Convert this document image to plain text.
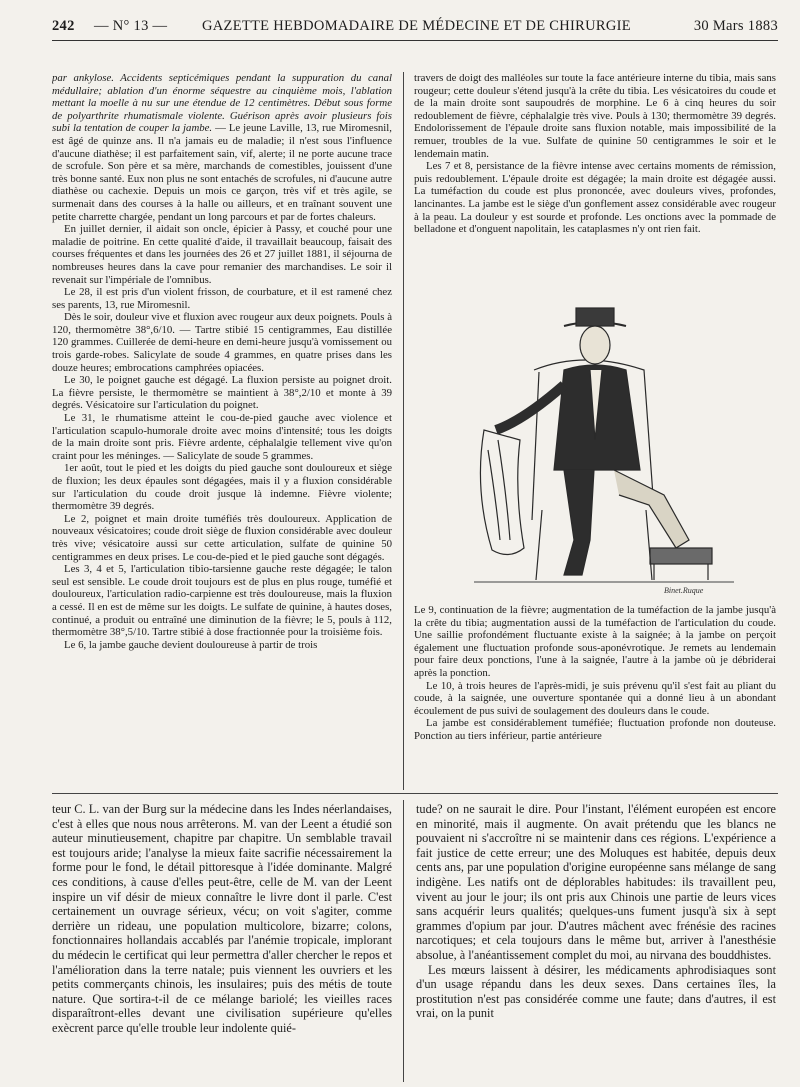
242 — N° 13 — GAZETTE HEBDOMADAIRE DE MÉDECINE ET DE CHIRURGIE	30 Mars 1883

par ankylose. Accidents septicémiques pendant la suppuration du canal médullaire; ablation d'un énorme séquestre au cinquième mois, l'ablation mettant la moelle à nu sur une étendue de 12 centimètres. Début sous forme de polyarthrite rhumatismale violente. Guérison après avoir plusieurs fois subi la tentation de couper la jambe. — Le jeune Laville, 13, rue Miromesnil, est âgé de quinze ans. Il n'a jamais eu de maladie; il n'est sous l'influence d'aucune diathèse; il est parfaitement sain, vif, alerte; il ne porte aucune trace de scrofule. Son père et sa mère, marchands de comestibles, jouissent d'une très bonne santé. Eux non plus ne sont entachés de scrofules, ni d'aucune autre diathèse ou cachexie. Depuis un mois ce garçon, très vif et très agile, se surmenait dans des courses à la halle ou ailleurs, et en traînant souvent une petite charrette chargée, pendant un long parcours et par de fortes chaleurs.

En juillet dernier, il aidait son oncle, épicier à Passy, et couché pour une maladie de poitrine. En cette qualité d'aide, il travaillait beaucoup, faisait des courses fréquentes et dans les journées des 26 et 27 juillet 1881, il séjourna de nombreuses heures dans la cave pour remanier des marchandises. Le soir il revenait sur l'impériale de l'omnibus.

Le 28, il est pris d'un violent frisson, de courbature, et il est ramené chez ses parents, 13, rue Miromesnil.

Dès le soir, douleur vive et fluxion avec rougeur aux deux poignets. Pouls à 120, thermomètre 38°,6/10. — Tartre stibié 15 centigrammes, Eau distillée 120 grammes. Cuillerée de demi-heure en demi-heure jusqu'à vomissement ou trois garde-robes. Salicylate de soude 4 grammes, en quatre prises dans les douze heures; embrocations camphrées opiacées.

Le 30, le poignet gauche est dégagé. La fluxion persiste au poignet droit. La fièvre persiste, le thermomètre se maintient à 38°,2/10 et monte à 39 degrés. Vésicatoire sur l'articulation du poignet.

Le 31, le rhumatisme atteint le cou-de-pied gauche avec violence et l'articulation scapulo-humorale droite avec moins d'intensité; tous les doigts de la main droite sont pris. Fièvre ardente, céphalalgie tellement vive qu'on craint pour les méninges. — Salicylate de soude 5 grammes.

1er août, tout le pied et les doigts du pied gauche sont douloureux et siège de fluxion; les deux épaules sont dégagées, mais il y a fluxion considérable sur l'articulation du coude droit jusque là indemne. Fièvre violente; thermomètre 39 degrés.

Le 2, poignet et main droite tuméfiés très douloureux. Application de nouveaux vésicatoires; coude droit siège de fluxion considérable avec douleur très vive; vésicatoire aussi sur cette articulation, sulfate de quinine 50 centigrammes en deux prises. Le cou-de-pied et le pied gauche sont dégagés.

Les 3, 4 et 5, l'articulation tibio-tarsienne gauche reste dégagée; le talon seul est sensible. Le coude droit toujours est de plus en plus rouge, tuméfié et douloureux, l'articulation radio-carpienne est très douloureuse, mais la fluxion a cessé. Il en est de même sur les doigts. Le sulfate de quinine, à hautes doses, continué, a produit ou entraîné une diminution de la fièvre; le 5, pouls à 112, thermomètre 38°,5/10. Tartre stibié à dose fractionnée pour la troisième fois.

Le 6, la jambe gauche devient douloureuse à partir de trois

travers de doigt des malléoles sur toute la face antérieure interne du tibia, mais sans rougeur; cette douleur s'étend jusqu'à la crête du tibia. Les vésicatoires du coude et de la main droite sont saupoudrés de morphine. Le 6 à cinq heures du soir redoublement de fièvre, céphalalgie très vive. Pouls à 130; thermomètre 39 degrés. Endolorissement de l'épaule droite sans fluxion notable, mais impossibilité de la remuer, troubles de la vue. Sulfate de quinine 50 centigrammes le soir et le lendemain matin.

Les 7 et 8, persistance de la fièvre intense avec certains moments de rémission, puis redoublement. L'épaule droite est dégagée; la main droite est dégagée aussi. La tuméfaction du coude est plus prononcée, avec douleurs vives, profondes, lancinantes. La jambe est le siège d'un gonflement assez considérable avec rougeur à la peau. La douleur y est sourde et profonde. Les onctions avec la pommade de belladone et d'onguent napolitain, les cataplasmes n'y ont rien fait.

Binet.Ruque

Le 9, continuation de la fièvre; augmentation de la tuméfaction de la jambe jusqu'à la crête du tibia; augmentation aussi de la tuméfaction de l'articulation du coude. Une saillie profondément fluctuante existe à la saignée; à la jambe on perçoit également une fluctuation profonde sous-aponévrotique. Je remets au lendemain pour faire deux ponctions, l'une à la saignée, l'autre à la jambe où je débriderai après la ponction.

Le 10, à trois heures de l'après-midi, je suis prévenu qu'il s'est fait au pliant du coude, à la saignée, une ouverture spontanée qui a donné lieu à un abondant écoulement de pus suivi de soulagement des douleurs dans le coude.

La jambe est considérablement tuméfiée; fluctuation profonde non douteuse. Ponction au tiers inférieur, partie antérieure

teur C. L. van der Burg sur la médecine dans les Indes néerlandaises, c'est à elles que nous nous arrêterons. M. van der Leent a étudié son auteur minutieusement, chapitre par chapitre. Un semblable travail est toujours aride; l'analyse la mieux faite sacrifie nécessairement la forme pour le fond, le détail pittoresque à l'idée dominante. Malgré ces conditions, à cause d'elles peut-être, celle de M. van der Leent inspire un vif désir de mieux connaître le livre dont il parle. C'est certainement un ouvrage sérieux, vécu; on voit s'agiter, comme derrière un rideau, une population multicolore, bizarre; colons, fonctionnaires hollandais accablés par l'anémie tropicale, implorant du médecin le certificat qui leur permettra d'aller chercher le repos et l'amélioration dans la terre natale; puis viennent les ouvriers et les petits commerçants chinois, les insulaires; puis des métis de toute nature. Que sortira-t-il de ce mélange bariolé; les vieilles races disparaîtront-elles devant une civilisation supérieure qu'elles exècrent parce qu'elle trouble leur indolente quié-

tude? on ne saurait le dire. Pour l'instant, l'élément européen est encore en minorité, mais il augmente. On avait prétendu que les blancs ne pouvaient ni s'accroître ni se maintenir dans ces régions. L'expérience a fait justice de cette erreur; une des Moluques est habitée, depuis deux cents ans, par une population d'origine européenne sans mélange de sang indigène. Les natifs ont de déplorables habitudes: ils travaillent peu, vivent au jour le jour; ils ont pris aux Chinois une partie de leurs vices sans acquérir leurs qualités; quelques-uns fument jusqu'à six à sept grammes d'opium par jour. D'autres mâchent avec frénésie des racines narcotiques; et cela toujours dans le même but, arriver à l'anesthésie absolue, à l'anéantissement complet du moi, au nirvana des bouddhistes.

Les mœurs laissent à désirer, les médicaments aphrodisiaques sont d'un usage répandu dans les deux sexes. Dans certaines îles, la prostitution n'est pas considérée comme une faute; dans d'autres, il est vrai, on la punit
